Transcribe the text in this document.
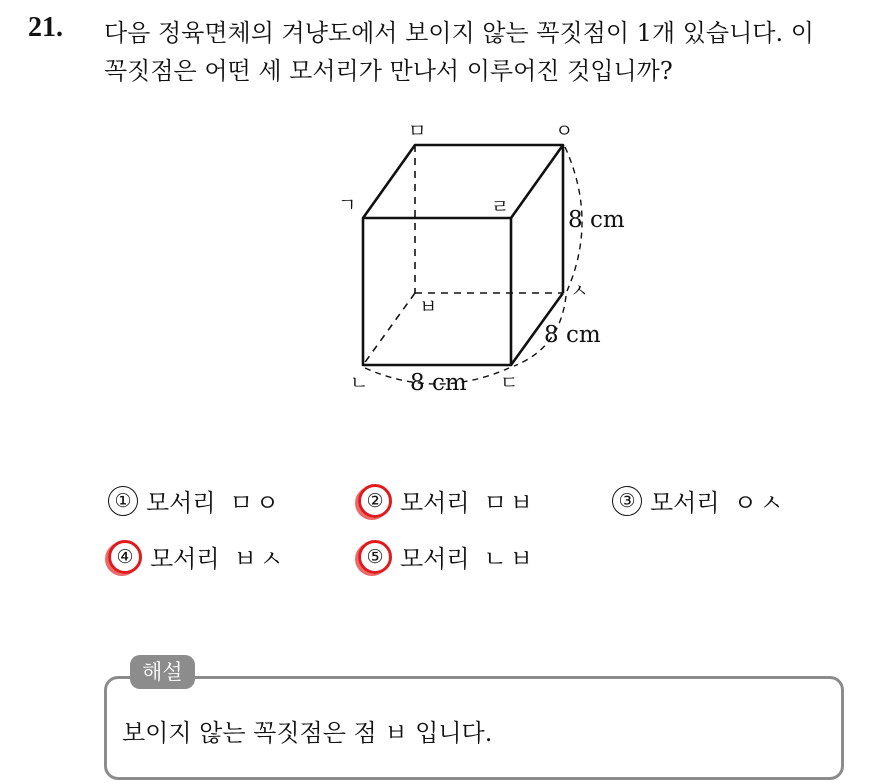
21. 다음 정육면체의 겨냥도에서 보이지 않는 꼭짓점이 1개 있습니다. 이
꼭짓점은 어떤 세 모서리가 만나서 이루어진 것입니까?
ㅁ	ㅇ
ㄱ	ㄹ
ㅂ
ㅅ
ㄴ	ㄷ
8 cm
8 cm
8 cm
① 모서리 ㅁㅇ	② 모서리 ㅁㅂ	③ 모서리 ㅇㅅ
④ 모서리 ㅂㅅ	⑤ 모서리 ㄴㅂ
해설
보이지 않는 꼭짓점은 점 ㅂ 입니다.
